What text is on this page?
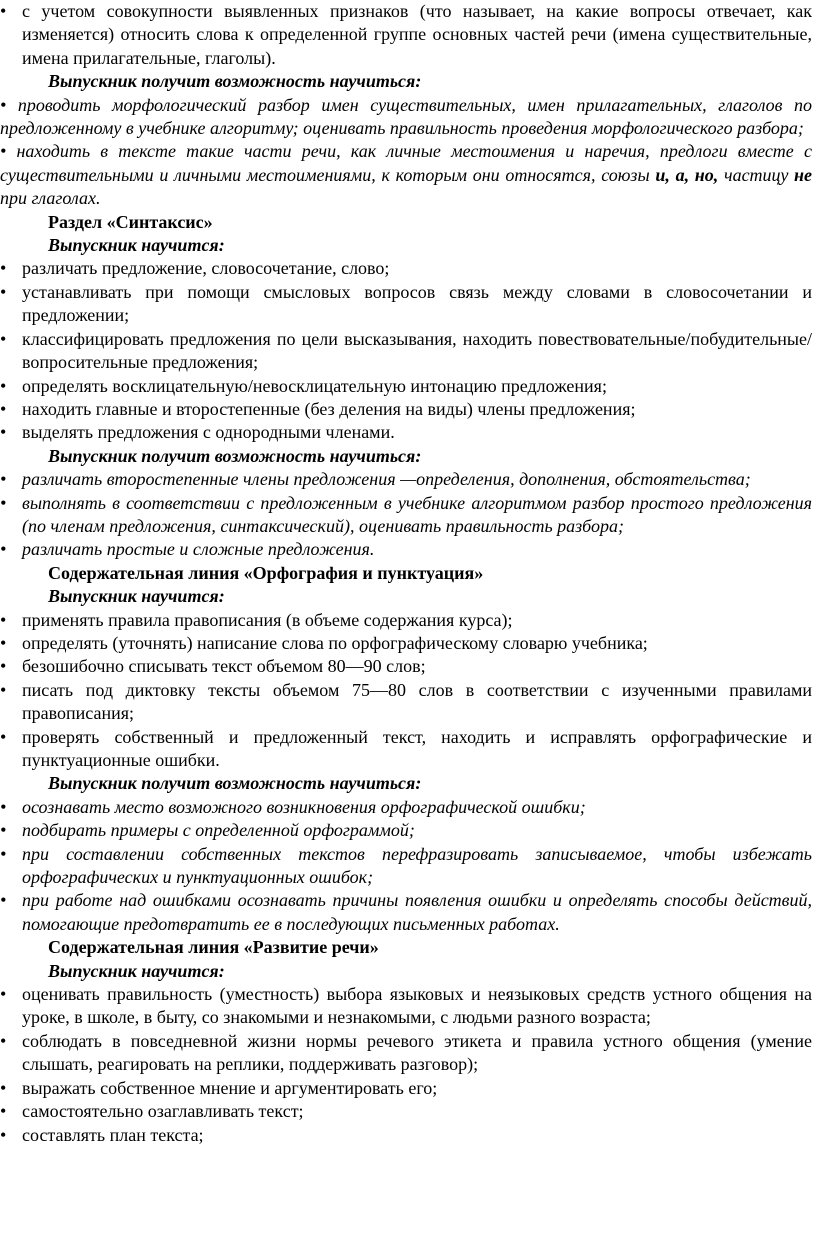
• с учетом совокупности выявленных признаков (что называет, на какие вопросы отвечает, как изменяется) относить слова к определенной группе основных частей речи (имена существительные, имена прилагательные, глаголы).
Выпускник получит возможность научиться:
• проводить морфологический разбор имен существительных, имен прилагательных, глаголов по предложенному в учебнике алгоритму; оценивать правильность проведения морфологического разбора;
• находить в тексте такие части речи, как личные местоимения и наречия, предлоги вместе с существительными и личными местоимениями, к которым они относятся, союзы и, а, но, частицу не при глаголах.
Раздел «Синтаксис»
Выпускник научится:
• различать предложение, словосочетание, слово;
• устанавливать при помощи смысловых вопросов связь между словами в словосочетании и предложении;
• классифицировать предложения по цели высказывания, находить повествовательные/побудительные/вопросительные предложения;
• определять восклицательную/невосклицательную интонацию предложения;
• находить главные и второстепенные (без деления на виды) члены предложения;
• выделять предложения с однородными членами.
Выпускник получит возможность научиться:
• различать второстепенные члены предложения —определения, дополнения, обстоятельства;
• выполнять в соответствии с предложенным в учебнике алгоритмом разбор простого предложения (по членам предложения, синтаксический), оценивать правильность разбора;
• различать простые и сложные предложения.
Содержательная линия «Орфография и пунктуация»
Выпускник научится:
• применять правила правописания (в объеме содержания курса);
• определять (уточнять) написание слова по орфографическому словарю учебника;
• безошибочно списывать текст объемом 80—90 слов;
• писать под диктовку тексты объемом 75—80 слов в соответствии с изученными правилами правописания;
• проверять собственный и предложенный текст, находить и исправлять орфографические и пунктуационные ошибки.
Выпускник получит возможность научиться:
• осознавать место возможного возникновения орфографической ошибки;
• подбирать примеры с определенной орфограммой;
• при составлении собственных текстов перефразировать записываемое, чтобы избежать орфографических и пунктуационных ошибок;
• при работе над ошибками осознавать причины появления ошибки и определять способы действий, помогающие предотвратить ее в последующих письменных работах.
Содержательная линия «Развитие речи»
Выпускник научится:
• оценивать правильность (уместность) выбора языковых и неязыковых средств устного общения на уроке, в школе, в быту, со знакомыми и незнакомыми, с людьми разного возраста;
• соблюдать в повседневной жизни нормы речевого этикета и правила устного общения (умение слышать, реагировать на реплики, поддерживать разговор);
• выражать собственное мнение и аргументировать его;
• самостоятельно озаглавливать текст;
• составлять план текста;
